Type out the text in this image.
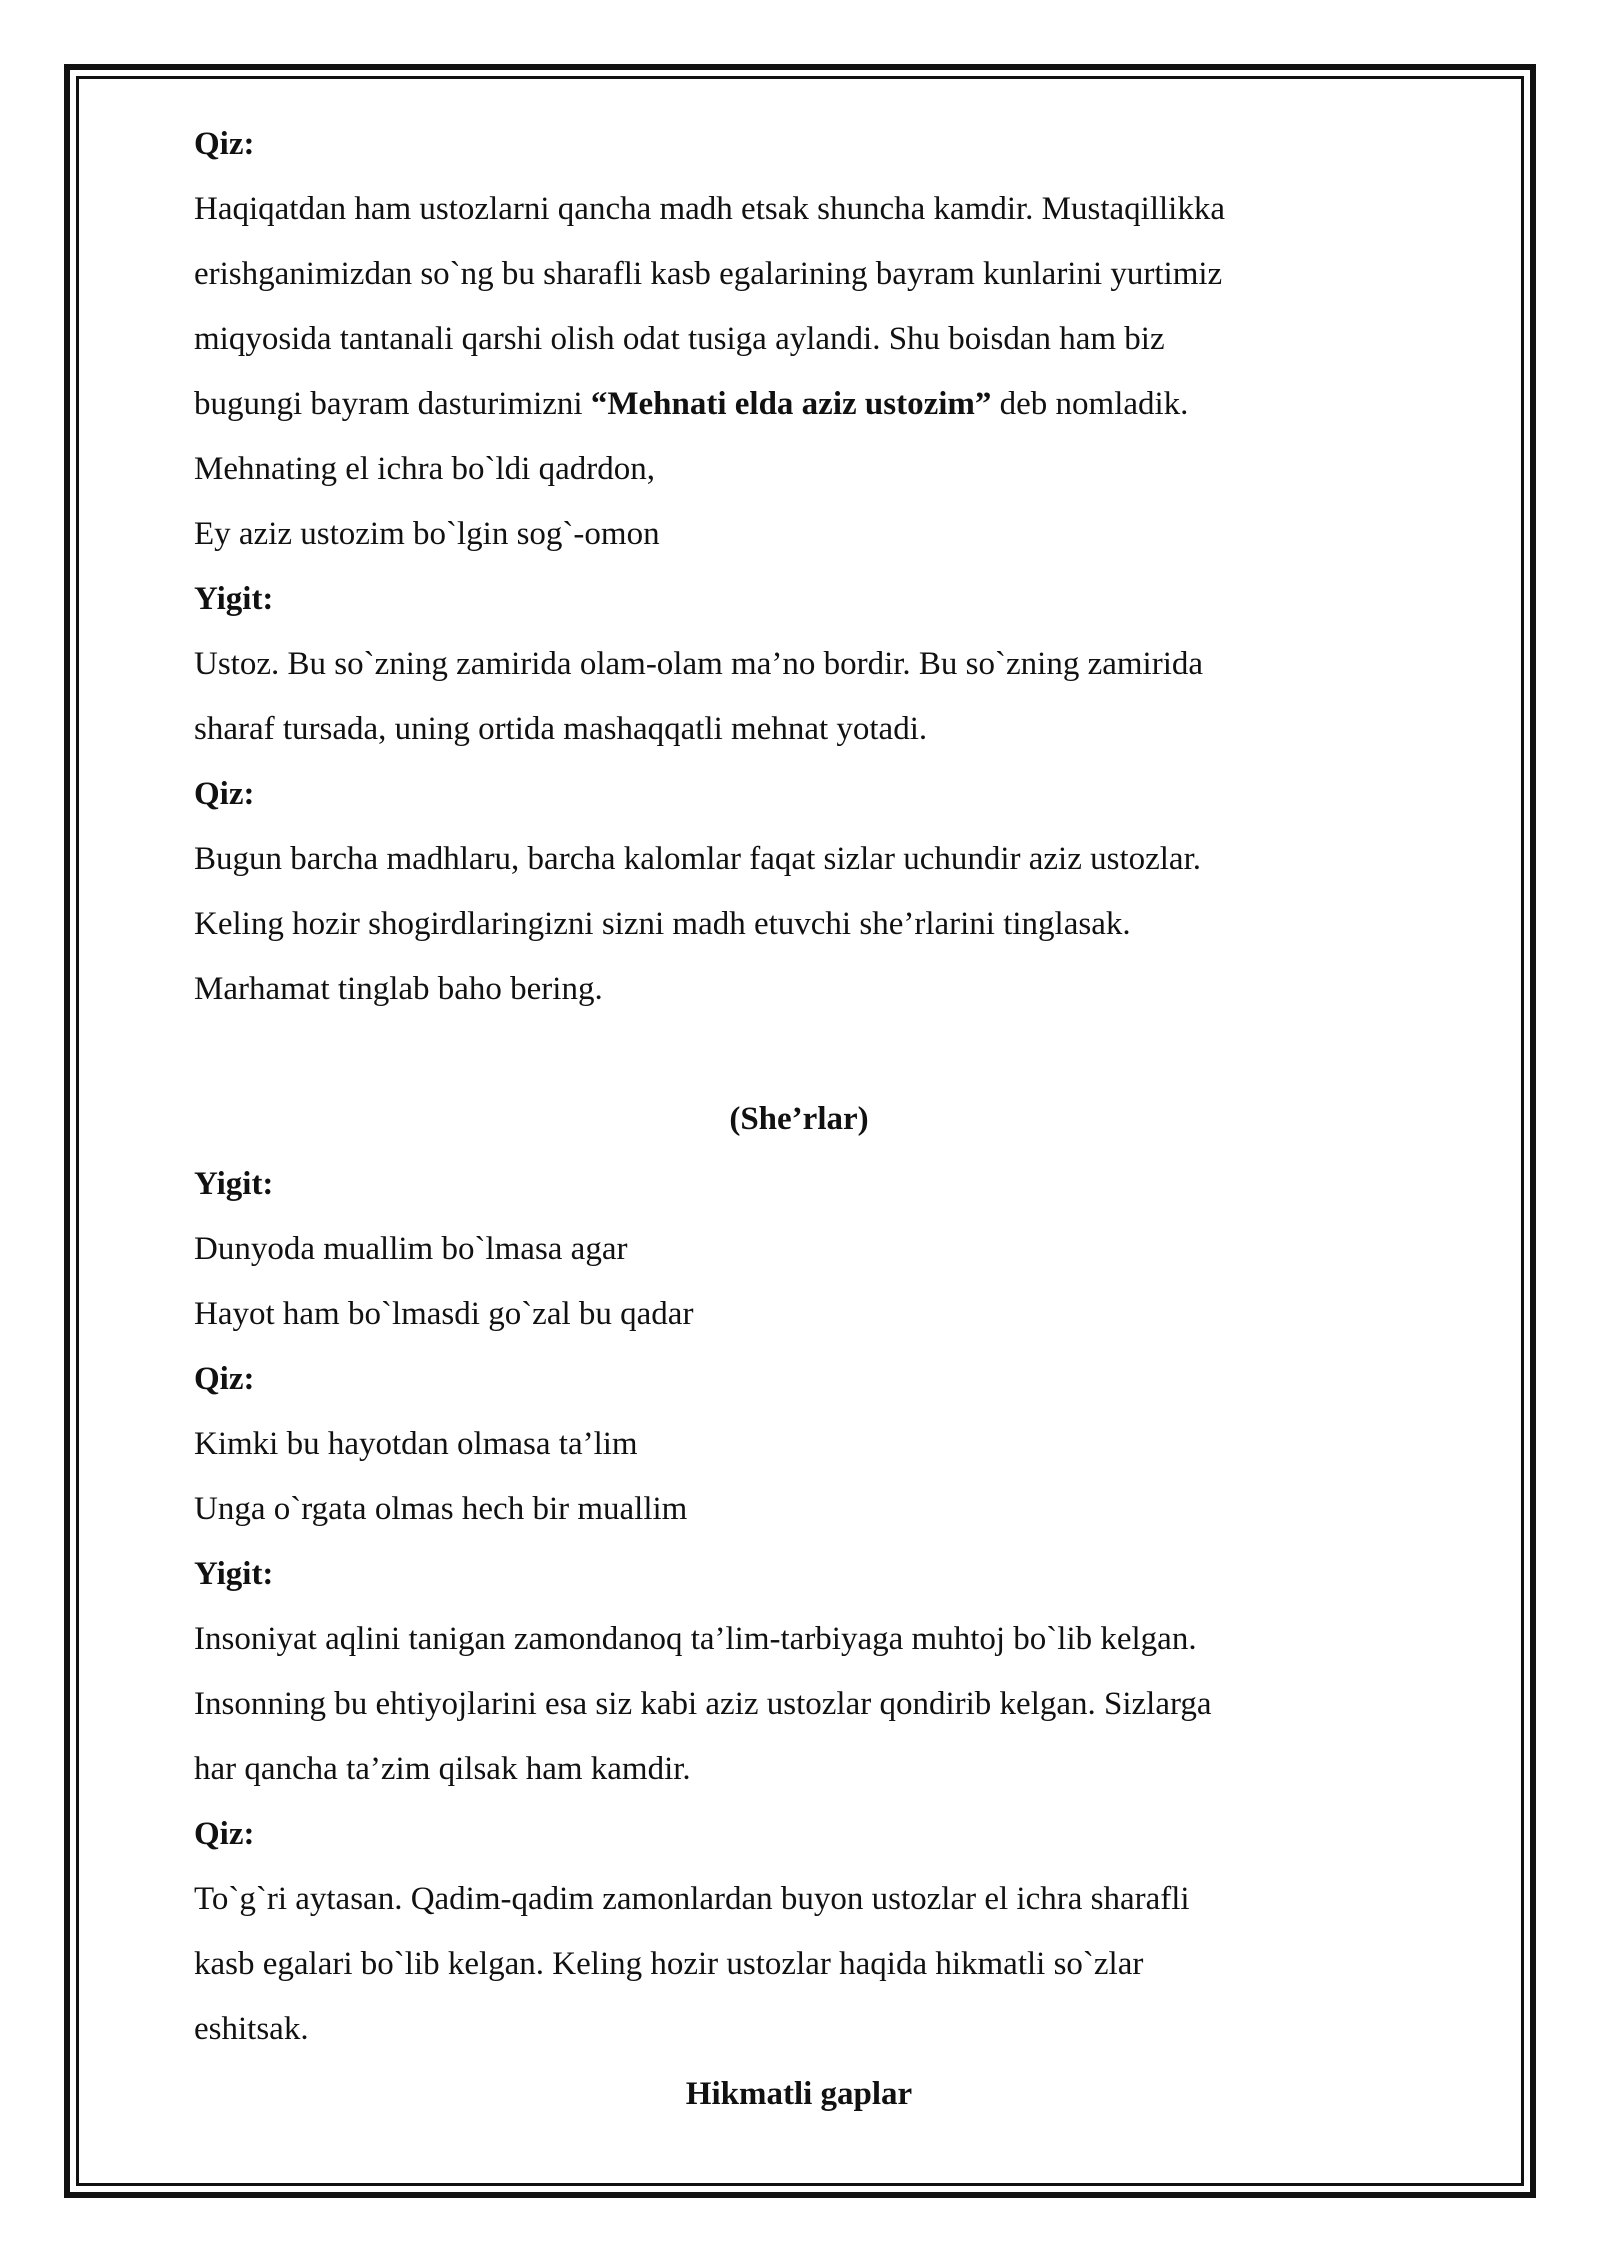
Qiz:
Haqiqatdan ham ustozlarni qancha madh etsak shuncha kamdir. Mustaqillikka
erishganimizdan so`ng bu sharafli kasb egalarining bayram kunlarini yurtimiz
miqyosida tantanali qarshi olish odat tusiga aylandi. Shu boisdan ham biz
bugungi bayram dasturimizni “Mehnati elda aziz ustozim” deb nomladik.
Mehnating el ichra bo`ldi qadrdon,
Ey aziz ustozim bo`lgin sog`-omon
Yigit:
Ustoz. Bu so`zning zamirida olam-olam ma’no bordir. Bu so`zning zamirida
sharaf tursada, uning ortida mashaqqatli mehnat yotadi.
Qiz:
Bugun barcha madhlaru, barcha kalomlar faqat sizlar uchundir aziz ustozlar.
Keling hozir shogirdlaringizni sizni madh etuvchi she’rlarini tinglasak.
Marhamat tinglab baho bering.
(She’rlar)
Yigit:
Dunyoda muallim bo`lmasa agar
Hayot ham bo`lmasdi go`zal bu qadar
Qiz:
Kimki bu hayotdan olmasa ta’lim
Unga o`rgata olmas hech bir muallim
Yigit:
Insoniyat aqlini tanigan zamondanoq ta’lim-tarbiyaga muhtoj bo`lib kelgan.
Insonning bu ehtiyojlarini esa siz kabi aziz ustozlar qondirib kelgan. Sizlarga
har qancha ta’zim qilsak ham kamdir.
Qiz:
To`g`ri aytasan. Qadim-qadim zamonlardan buyon ustozlar el ichra sharafli
kasb egalari bo`lib kelgan. Keling hozir ustozlar haqida hikmatli so`zlar
eshitsak.
Hikmatli gaplar
